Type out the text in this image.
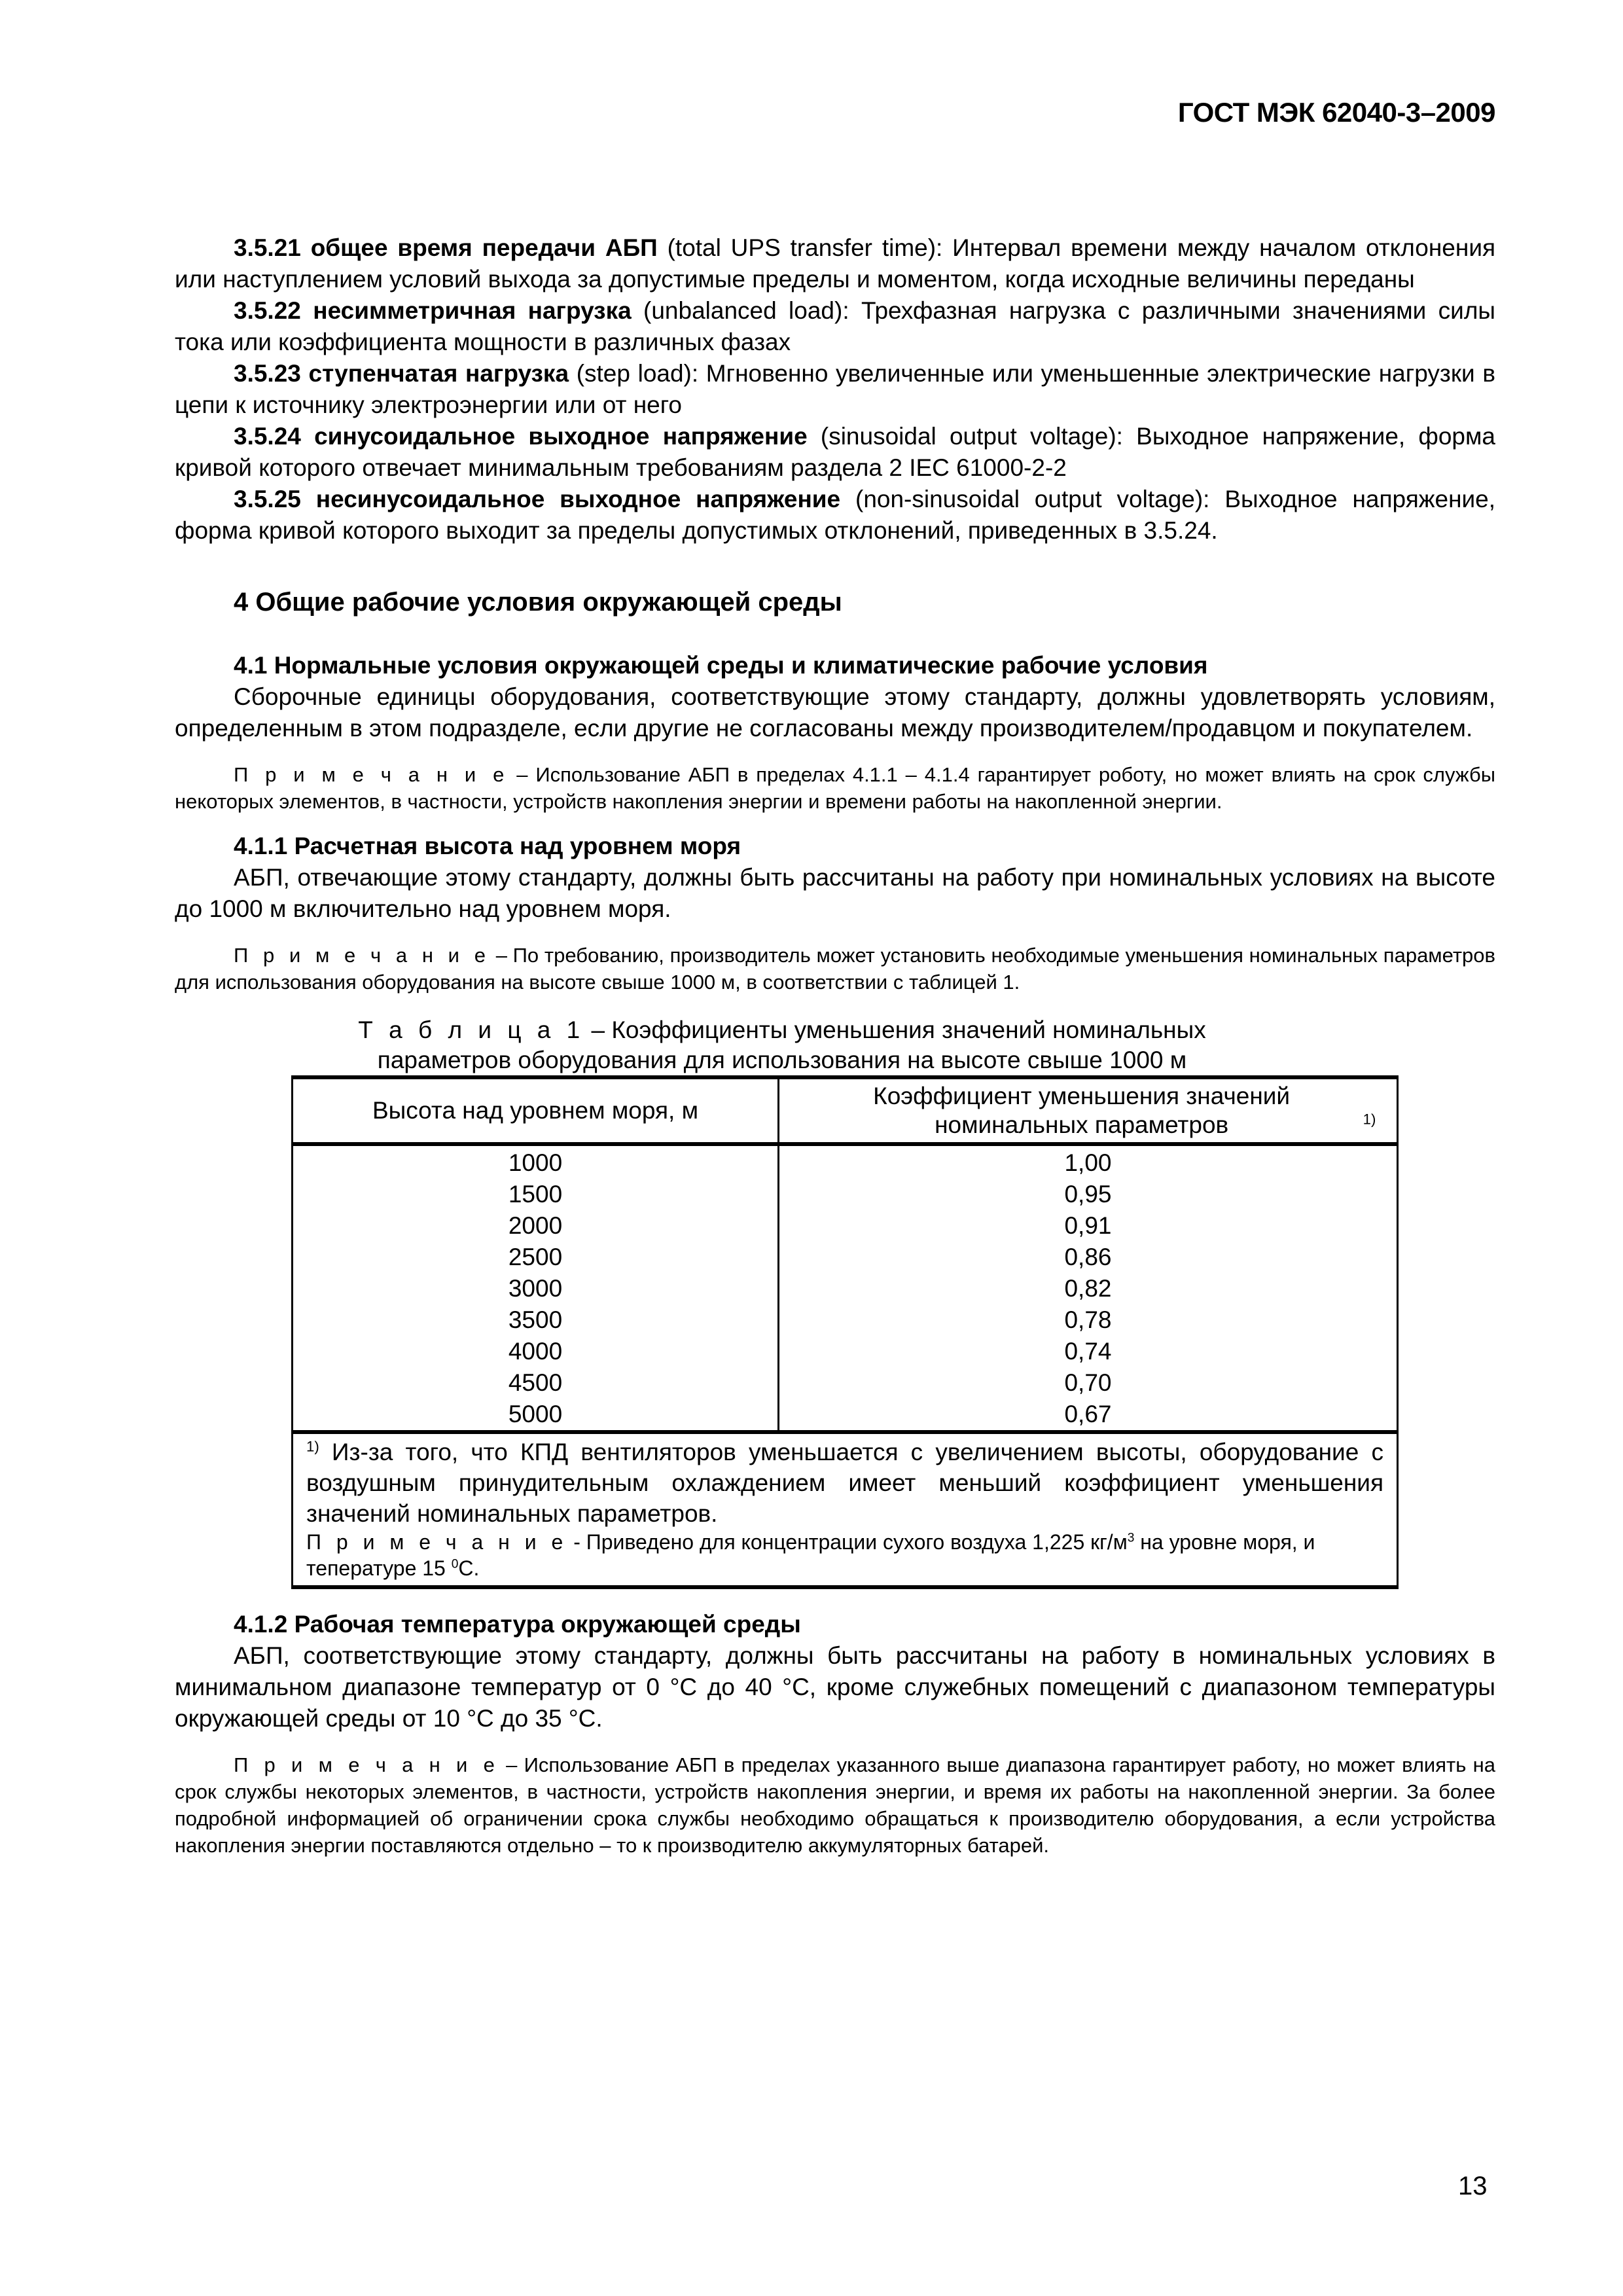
ГОСТ МЭК 62040-3–2009

3.5.21 общее время передачи АБП (total UPS transfer time): Интервал времени между началом отклонения или наступлением условий выхода за допустимые пределы и моментом, когда исходные величины переданы

3.5.22 несимметричная нагрузка (unbalanced load): Трехфазная нагрузка с различными значениями силы тока или коэффициента мощности в различных фазах

3.5.23 ступенчатая нагрузка (step load): Мгновенно увеличенные или уменьшенные электрические нагрузки в цепи к источнику электроэнергии или от него

3.5.24 синусоидальное выходное напряжение (sinusoidal output voltage): Выходное напряжение, форма кривой которого отвечает минимальным требованиям раздела 2 IEC 61000-2-2

3.5.25 несинусоидальное выходное напряжение (non-sinusoidal output voltage): Выходное напряжение, форма кривой которого выходит за пределы допустимых отклонений, приведенных в 3.5.24.

4 Общие рабочие условия окружающей среды
4.1 Нормальные условия окружающей среды и климатические рабочие условия

Сборочные единицы оборудования, соответствующие этому стандарту, должны удовлетворять условиям, определенным в этом подразделе, если другие не согласованы между производителем/продавцом и покупателем.

П р и м е ч а н и е – Использование АБП в пределах 4.1.1 – 4.1.4 гарантирует роботу, но может влиять на срок службы некоторых элементов, в частности, устройств накопления энергии и времени работы на накопленной энергии.

4.1.1 Расчетная высота над уровнем моря

АБП, отвечающие этому стандарту, должны быть рассчитаны на работу при номинальных условиях на высоте до 1000 м включительно над уровнем моря.

П р и м е ч а н и е – По требованию, производитель может установить необходимые уменьшения номинальных параметров для использования оборудования на высоте свыше 1000 м, в соответствии с таблицей 1.

Т а б л и ц а 1 – Коэффициенты уменьшения значений номинальных параметров оборудования для использования на высоте свыше 1000 м
Высота над уровнем моря, м	Коэффициент уменьшения значений номинальных параметров $^{1)}$
1000	1,00
1500	0,95
2000	0,91
2500	0,86
3000	0,82
3500	0,78
4000	0,74
4500	0,70
5000	0,67

$^{1)}$ Из-за того, что КПД вентиляторов уменьшается с увеличением высоты, оборудование с воздушным принудительным охлаждением имеет меньший коэффициент уменьшения значений номинальных параметров.
П р и м е ч а н и е - Приведено для концентрации сухого воздуха 1,225 $кг/м^3$ на уровне моря, и тепературе 15 $^0$С.	
4.1.2 Рабочая температура окружающей среды

АБП, соответствующие этому стандарту, должны быть рассчитаны на работу в номинальных условиях в минимальном диапазоне температур от 0 °С до 40 °С, кроме служебных помещений с диапазоном температуры окружающей среды от 10 °С до 35 °С.

П р и м е ч а н и е – Использование АБП в пределах указанного выше диапазона гарантирует работу, но может влиять на срок службы некоторых элементов, в частности, устройств накопления энергии, и время их работы на накопленной энергии. За более подробной информацией об ограничении срока службы необходимо обращаться к производителю оборудования, а если устройства накопления энергии поставляются отдельно – то к производителю аккумуляторных батарей.

13
